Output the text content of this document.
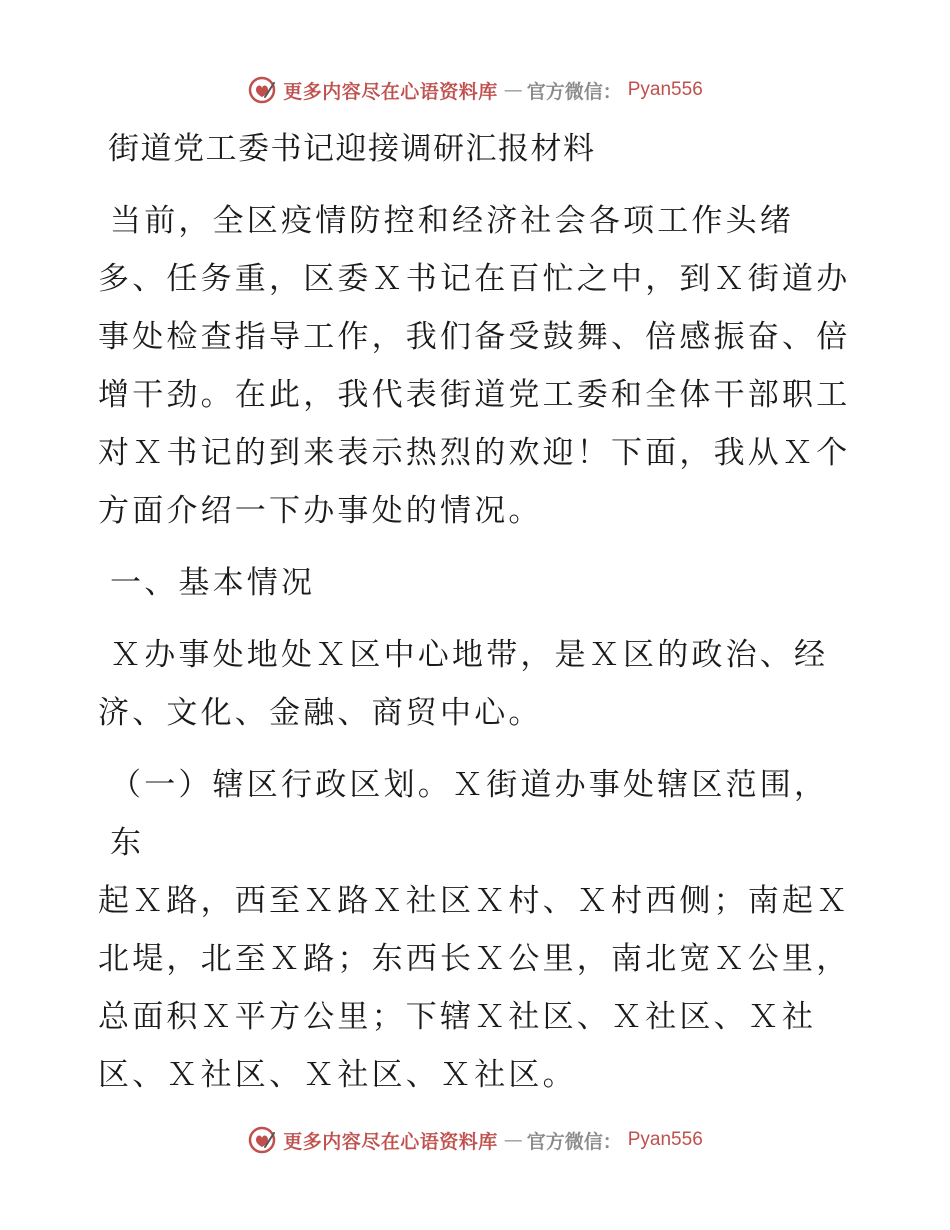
更多内容尽在心语资料库 — 官方微信： Pyan556
街道党工委书记迎接调研汇报材料

当前，全区疫情防控和经济社会各项工作头绪

多、任务重，区委Ｘ书记在百忙之中，到Ｘ街道办事处检查指导工作，我们备受鼓舞、倍感振奋、倍增干劲。在此，我代表街道党工委和全体干部职工对Ｘ书记的到来表示热烈的欢迎！下面，我从Ｘ个方面介绍一下办事处的情况。

一、基本情况

Ｘ办事处地处Ｘ区中心地带，是Ｘ区的政治、经

济、文化、金融、商贸中心。

（一）辖区行政区划。Ｘ街道办事处辖区范围，东

起Ｘ路，西至Ｘ路Ｘ社区Ｘ村、Ｘ村西侧；南起Ｘ北堤，北至Ｘ路；东西长Ｘ公里，南北宽Ｘ公里，总面积Ｘ平方公里；下辖Ｘ社区、Ｘ社区、Ｘ社区、Ｘ社区、Ｘ社区、Ｘ社区。

更多内容尽在心语资料库 — 官方微信： Pyan556
